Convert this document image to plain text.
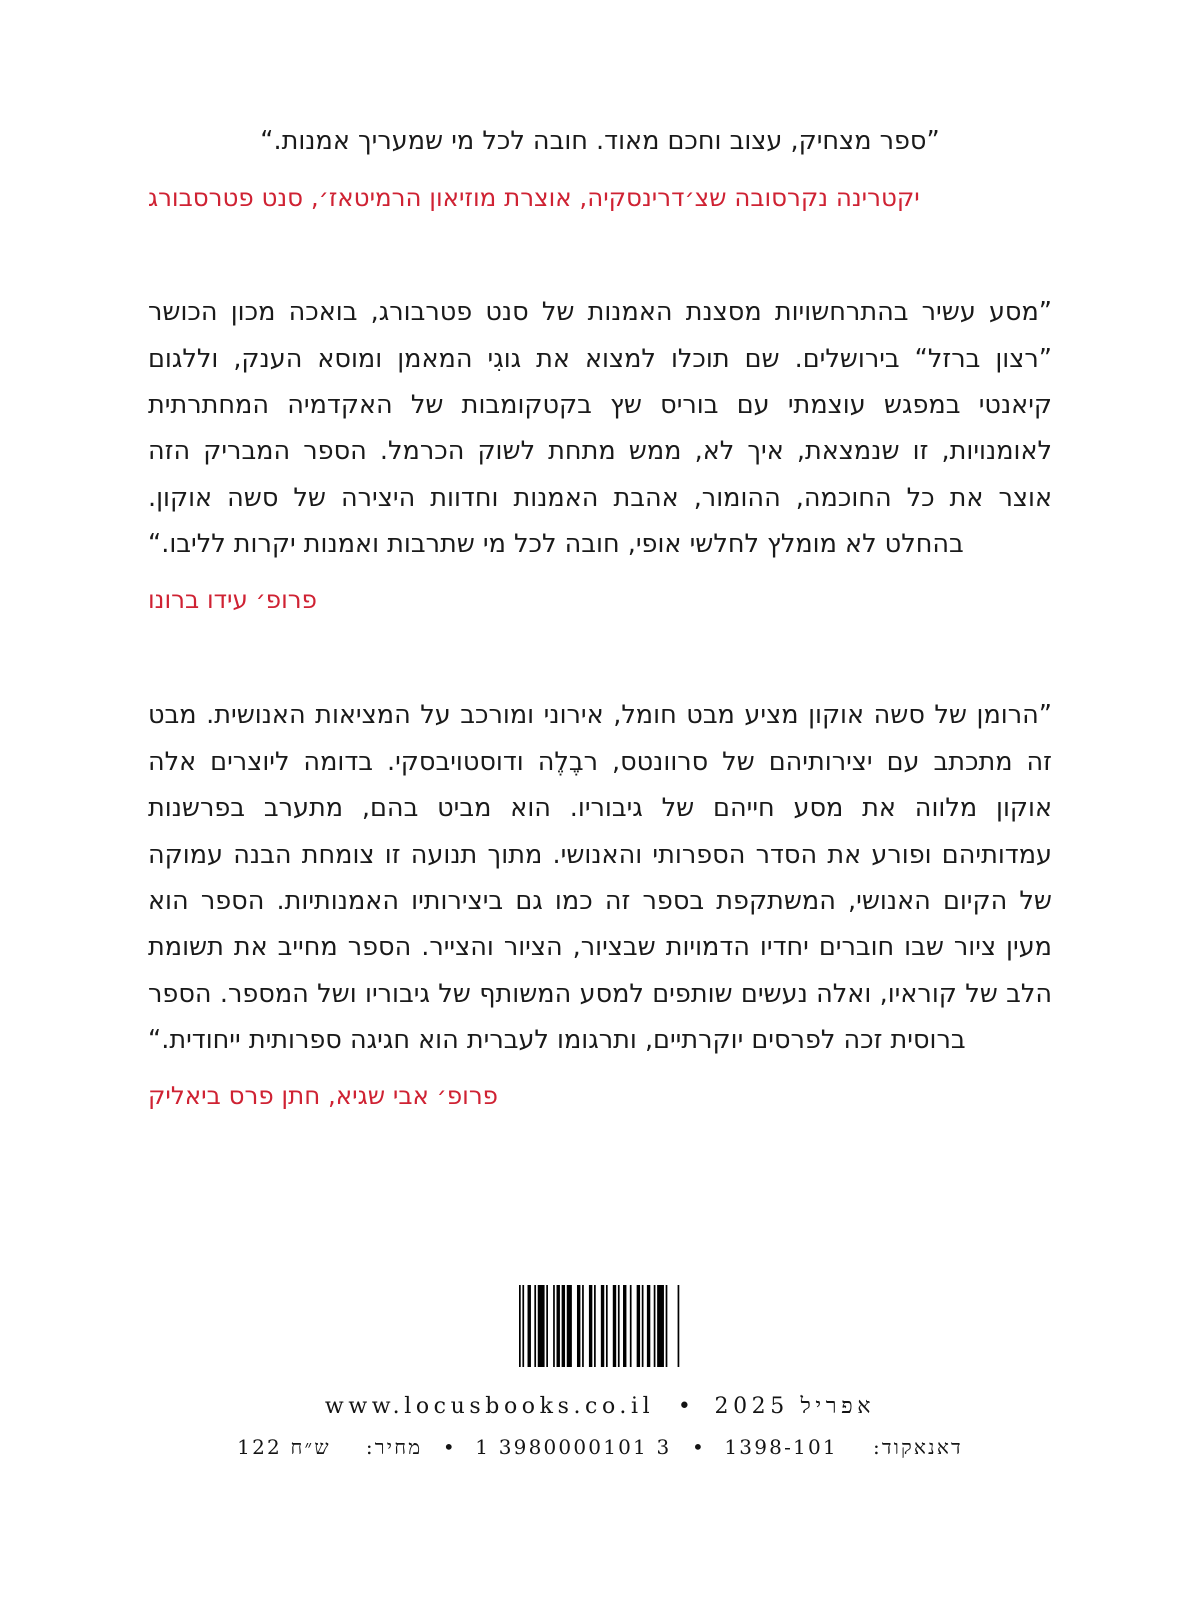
”ספר מצחיק, עצוב וחכם מאוד. חובה לכל מי שמעריך אמנות.“

יקטרינה נקרסובה שצ׳דרינסקיה, אוצרת מוזיאון הרמיטאז׳, סנט פטרסבורג

”מסע עשיר בהתרחשויות מסצנת האמנות של סנט פטרבורג, בואכה מכון הכושר ”רצון ברזל“ בירושלים. שם תוכלו למצוא את גוגִי המאמן ומוסא הענק, וללגום קיאנטי במפגש עוצמתי עם בוריס שץ בקטקומבות של האקדמיה המחתרתית לאומנויות, זו שנמצאת, איך לא, ממש מתחת לשוק הכרמל. הספר המבריק הזה אוצר את כל החוכמה, ההומור, אהבת האמנות וחדוות היצירה של סשה אוקון. בהחלט לא מומלץ לחלשי אופי, חובה לכל מי שתרבות ואמנות יקרות לליבו.“

פרופ׳ עידו ברונו

”הרומן של סשה אוקון מציע מבט חומל, אירוני ומורכב על המציאות האנושית. מבט זה מתכתב עם יצירותיהם של סרוונטס, רבֶלֶה ודוסטויבסקי. בדומה ליוצרים אלה אוקון מלווה את מסע חייהם של גיבוריו. הוא מביט בהם, מתערב בפרשנות עמדותיהם ופורע את הסדר הספרותי והאנושי. מתוך תנועה זו צומחת הבנה עמוקה של הקיום האנושי, המשתקפת בספר זה כמו גם ביצירותיו האמנותיות. הספר הוא מעין ציור שבו חוברים יחדיו הדמויות שבציור, הציור והצייר. הספר מחייב את תשומת הלב של קוראיו, ואלה נעשים שותפים למסע המשותף של גיבוריו ושל המספר. הספר ברוסית זכה לפרסים יוקרתיים, ותרגומו לעברית הוא חגיגה ספרותית ייחודית.“

פרופ׳ אבי שגיא, חתן פרס ביאליק

אפריל 2025 • www.locusbooks.co.il
דאנאקוד:  1398-101 • 1 3980000101 3 • מחיר:  122 ש״ח
